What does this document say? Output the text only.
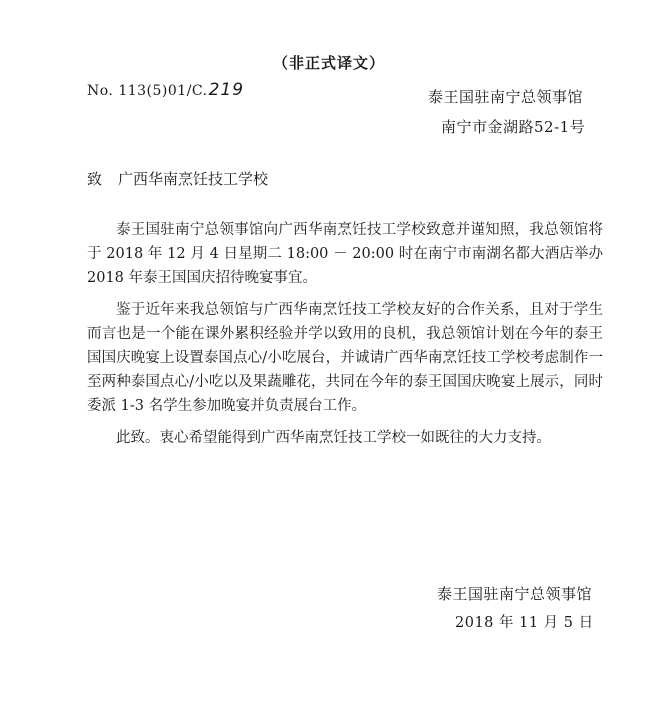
（非正式译文）
No. 113(5)01/C.219	泰王国驻南宁总领事馆
南宁市金湖路52-1号
致 广西华南烹饪技工学校

泰王国驻南宁总领事馆向广西华南烹饪技工学校致意并谨知照，我总领馆将于 2018 年 12 月 4 日星期二 18:00 － 20:00 时在南宁市南湖名都大酒店举办 2018 年泰王国国庆招待晚宴事宜。

鉴于近年来我总领馆与广西华南烹饪技工学校友好的合作关系，且对于学生而言也是一个能在课外累积经验并学以致用的良机，我总领馆计划在今年的泰王国国庆晚宴上设置泰国点心/小吃展台，并诚请广西华南烹饪技工学校考虑制作一至两种泰国点心/小吃以及果蔬雕花，共同在今年的泰王国国庆晚宴上展示，同时委派 1-3 名学生参加晚宴并负责展台工作。

此致。衷心希望能得到广西华南烹饪技工学校一如既往的大力支持。

泰王国驻南宁总领事馆
2018 年 11 月 5 日
